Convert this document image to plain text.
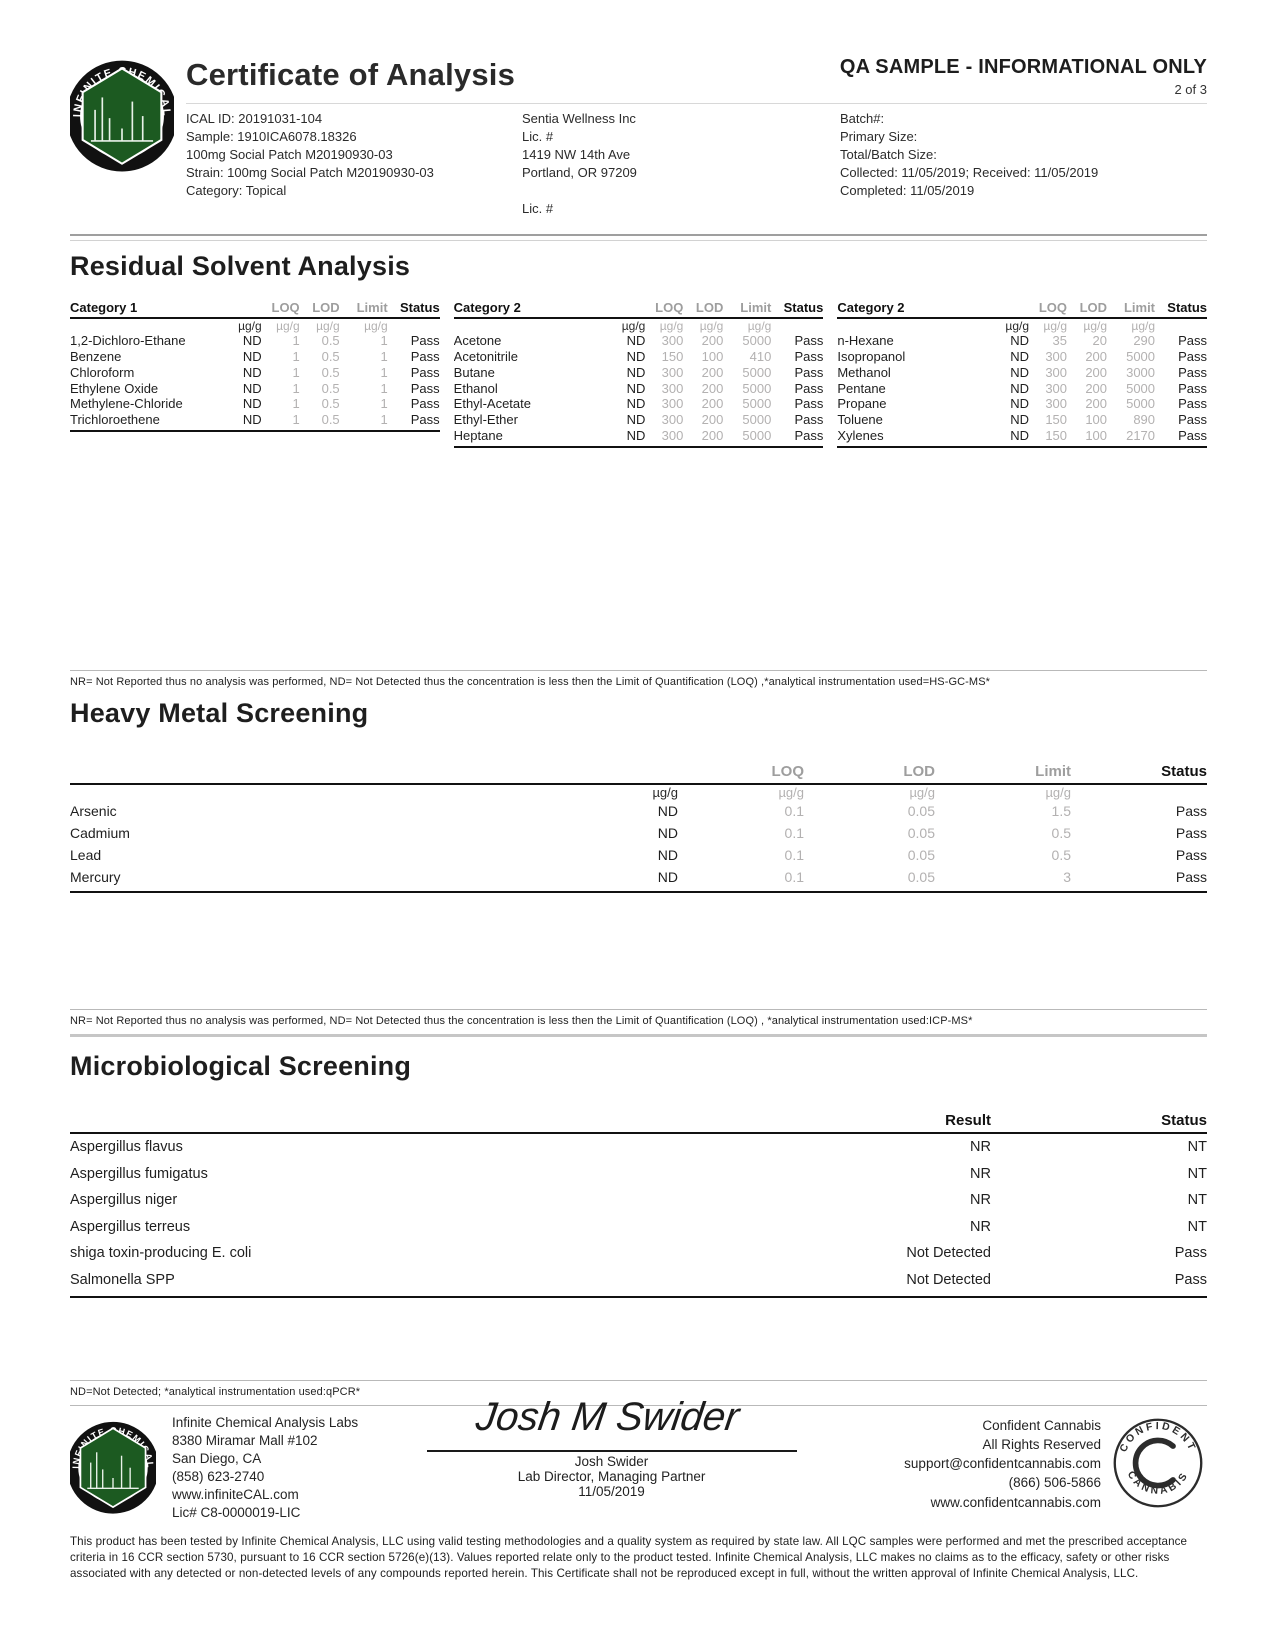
Certificate of Analysis	QA SAMPLE - INFORMATIONAL ONLY
2 of 3
ICAL ID: 20191031-104
Sample: 1910ICA6078.18326
100mg Social Patch M20190930-03
Strain: 100mg Social Patch M20190930-03
Category: Topical
Sentia Wellness Inc
Lic. #
1419 NW 14th Ave
Portland, OR 97209
Lic. #
Batch#:
Primary Size:
Total/Batch Size:
Collected: 11/05/2019; Received: 11/05/2019
Completed: 11/05/2019
Residual Solvent Analysis
Category 1	LOQ LOD	Limit Status
µg/g	µg/g	µg/g	µg/g
1,2-Dichloro-Ethane	ND	1	0.5	1	Pass
Benzene	ND	1	0.5	1	Pass
Chloroform	ND	1	0.5	1	Pass
Ethylene Oxide	ND	1	0.5	1	Pass
Methylene-Chloride	ND	1	0.5	1	Pass
Trichloroethene	ND	1	0.5	1	Pass
Category 2	LOQ LOD	Limit Status
µg/g	µg/g	µg/g	µg/g
Acetone	ND	300	200	5000	Pass
Acetonitrile	ND	150	100	410	Pass
Butane	ND	300	200	5000	Pass
Ethanol	ND	300	200	5000	Pass
Ethyl-Acetate	ND	300	200	5000	Pass
Ethyl-Ether	ND	300	200	5000	Pass
Heptane	ND	300	200	5000	Pass
Category 2	LOQ LOD	Limit Status
µg/g	µg/g	µg/g	µg/g
n-Hexane	ND	35	20	290	Pass
Isopropanol	ND	300	200	5000	Pass
Methanol	ND	300	200	3000	Pass
Pentane	ND	300	200	5000	Pass
Propane	ND	300	200	5000	Pass
Toluene	ND	150	100	890	Pass
Xylenes	ND	150	100	2170	Pass
NR= Not Reported thus no analysis was performed, ND= Not Detected thus the concentration is less then the Limit of Quantification (LOQ) ,*analytical instrumentation used=HS-GC-MS*
Heavy Metal Screening
LOQ	LOD	Limit	Status
µg/g	µg/g	µg/g	µg/g
Arsenic	ND	0.1	0.05	1.5	Pass
Cadmium	ND	0.1	0.05	0.5	Pass
Lead	ND	0.1	0.05	0.5	Pass
Mercury	ND	0.1	0.05	3	Pass
NR= Not Reported thus no analysis was performed, ND= Not Detected thus the concentration is less then the Limit of Quantification (LOQ) , *analytical instrumentation used:ICP-MS*
Microbiological Screening
Result	Status
Aspergillus flavus	NR	NT
Aspergillus fumigatus	NR	NT
Aspergillus niger	NR	NT
Aspergillus terreus	NR	NT
shiga toxin-producing E. coli	Not Detected	Pass
Salmonella SPP	Not Detected	Pass
ND=Not Detected; *analytical instrumentation used:qPCR*
Infinite Chemical Analysis Labs
8380 Miramar Mall #102
San Diego, CA
(858) 623-2740
www.infiniteCAL.com
Lic# C8-0000019-LIC
Josh M Swider
Josh Swider
Lab Director, Managing Partner
11/05/2019
Confident Cannabis
All Rights Reserved
support@confidentcannabis.com
(866) 506-5866
www.confidentcannabis.com
CONFIDENT
CANNABIS
This product has been tested by Infinite Chemical Analysis, LLC using valid testing methodologies and a quality system as required by state law. All LQC samples were performed and met the prescribed acceptance criteria in 16 CCR section 5730, pursuant to 16 CCR section 5726(e)(13). Values reported relate only to the product tested. Infinite Chemical Analysis, LLC makes no claims as to the efficacy, safety or other risks associated with any detected or non-detected levels of any compounds reported herein. This Certificate shall not be reproduced except in full, without the written approval of Infinite Chemical Analysis, LLC.
